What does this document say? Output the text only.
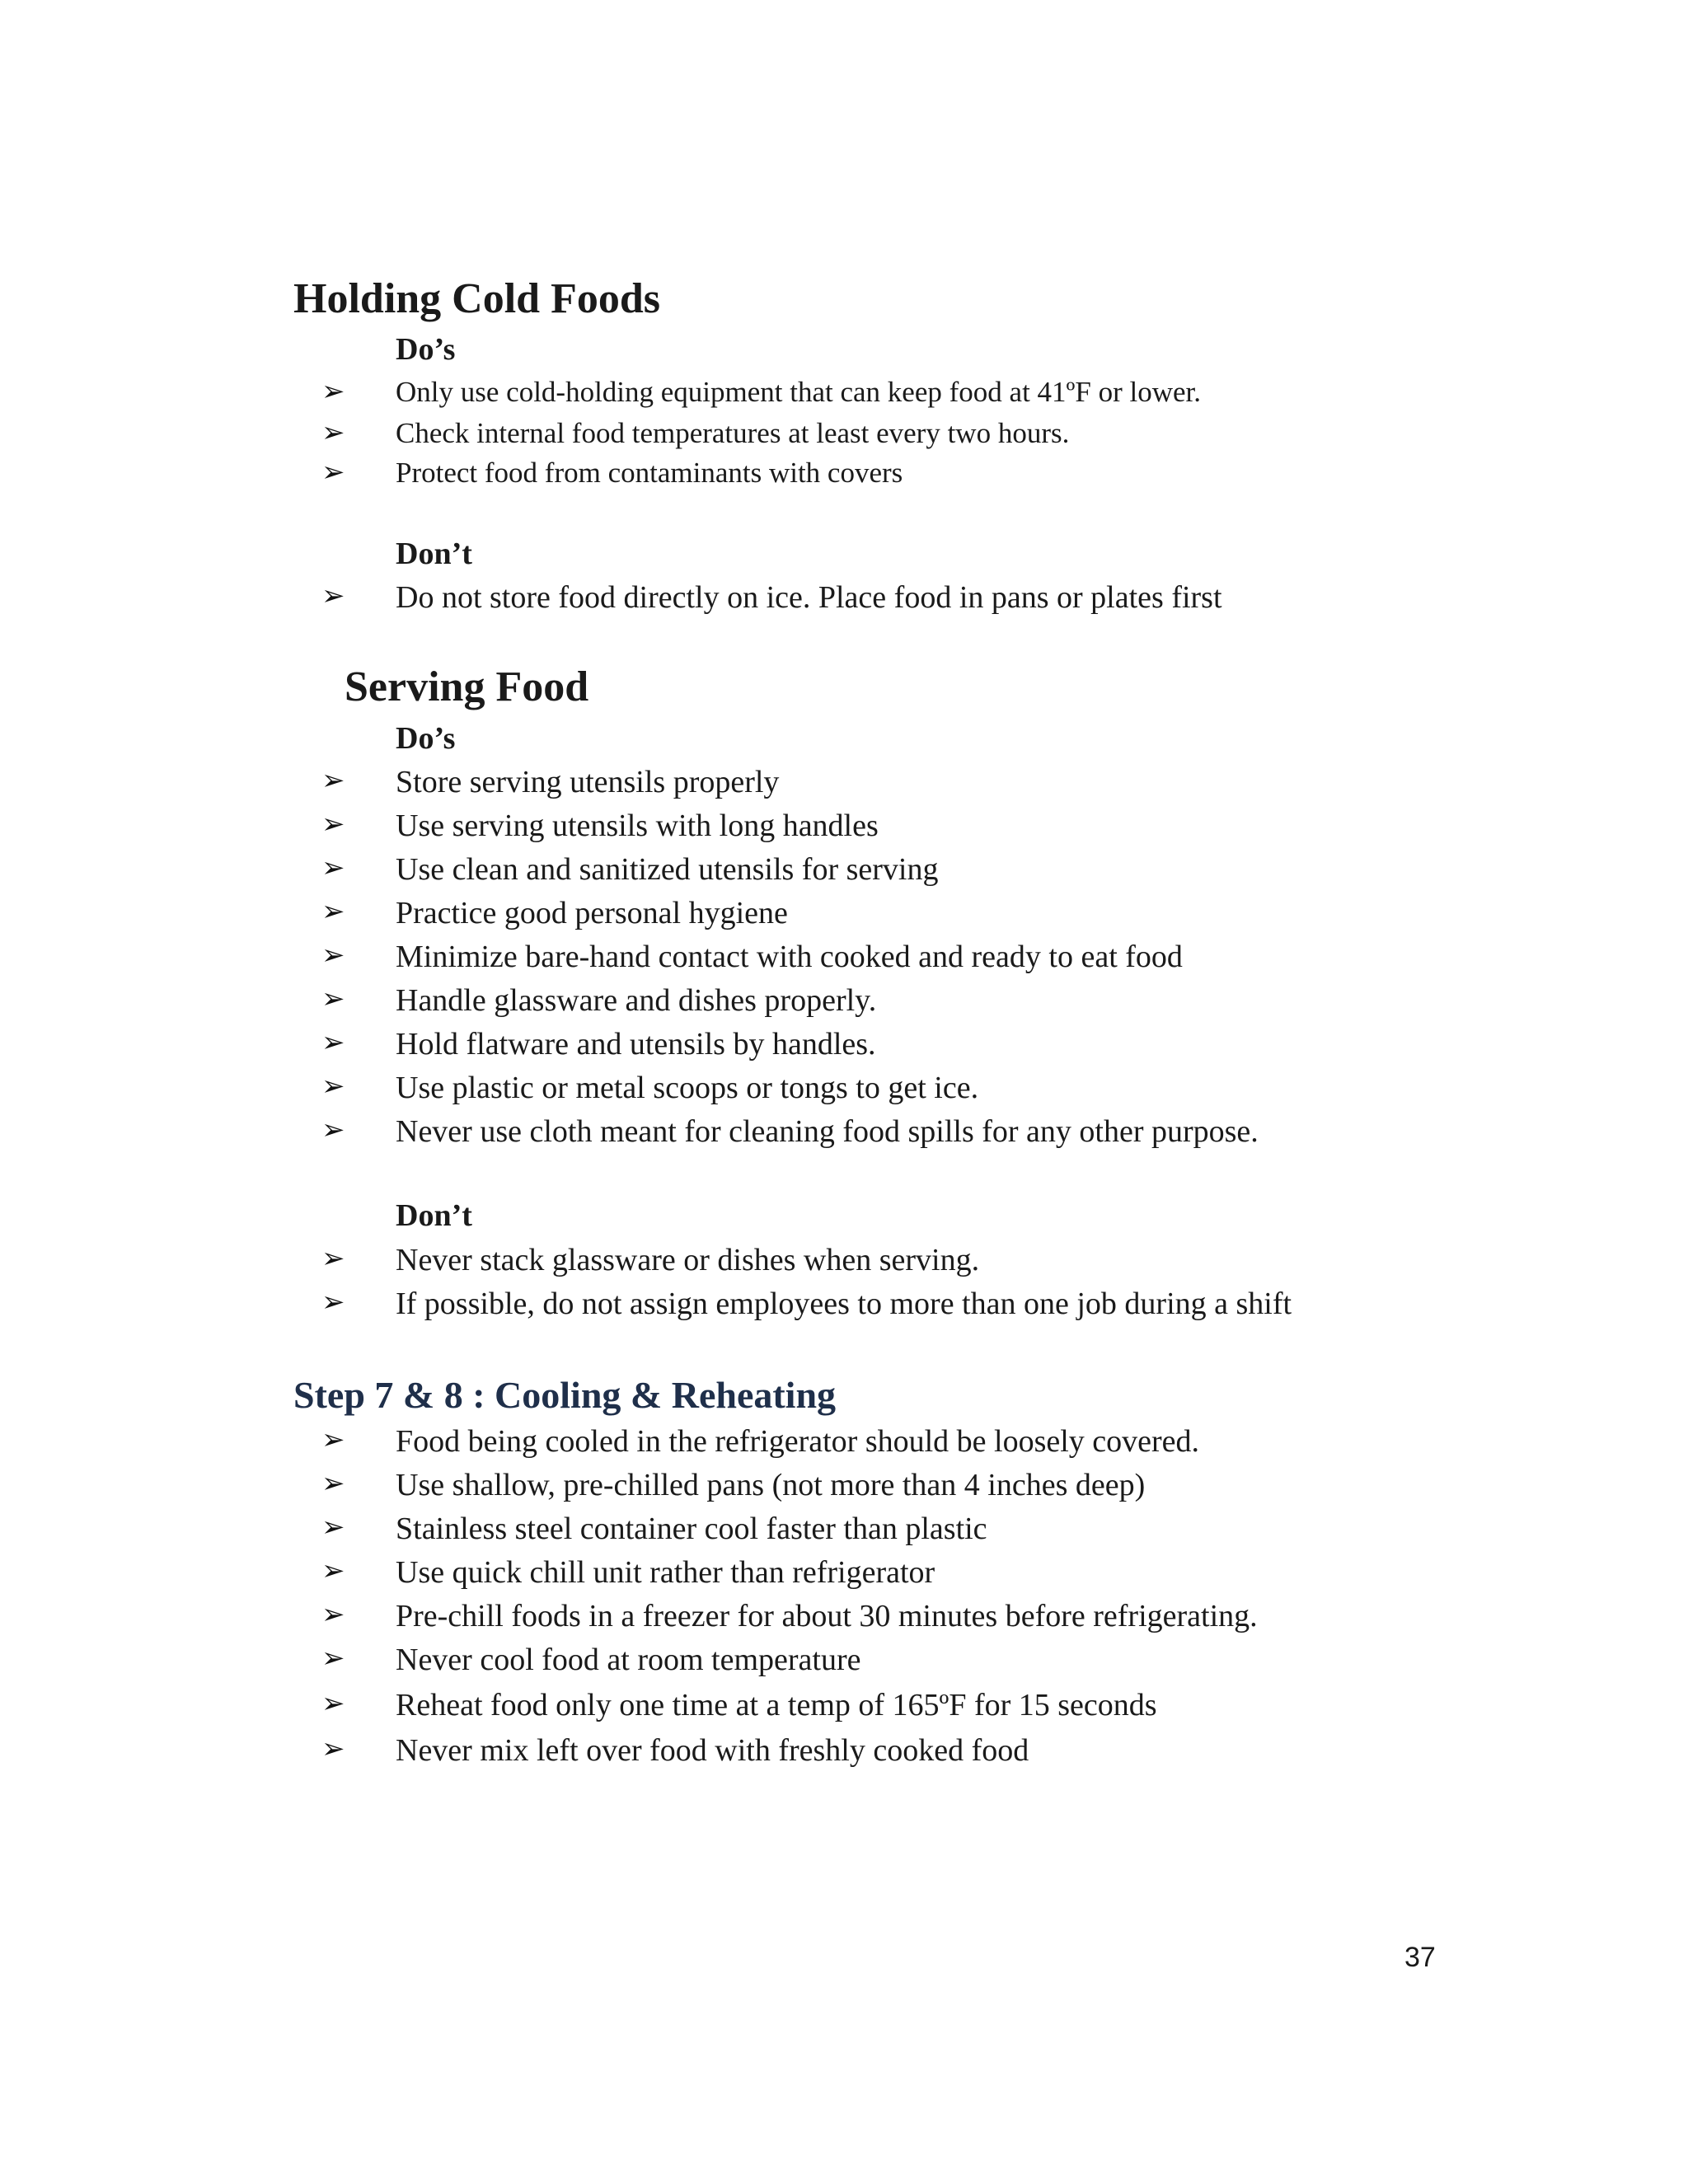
Holding Cold Foods
Do’s
➢ Only use cold-holding equipment that can keep food at 41ºF or lower.
➢ Check internal food temperatures at least every two hours.
➢ Protect food from contaminants with covers
Don’t
➢ Do not store food directly on ice. Place food in pans or plates first
Serving Food
Do’s
➢ Store serving utensils properly
➢ Use serving utensils with long handles
➢ Use clean and sanitized utensils for serving
➢ Practice good personal hygiene
➢ Minimize bare-hand contact with cooked and ready to eat food
➢ Handle glassware and dishes properly.
➢ Hold flatware and utensils by handles.
➢ Use plastic or metal scoops or tongs to get ice.
➢ Never use cloth meant for cleaning food spills for any other purpose.
Don’t
➢ Never stack glassware or dishes when serving.
➢ If possible, do not assign employees to more than one job during a shift
Step 7 & 8 : Cooling & Reheating
➢ Food being cooled in the refrigerator should be loosely covered.
➢ Use shallow, pre-chilled pans (not more than 4 inches deep)
➢ Stainless steel container cool faster than plastic
➢ Use quick chill unit rather than refrigerator
➢ Pre-chill foods in a freezer for about 30 minutes before refrigerating.
➢ Never cool food at room temperature
➢ Reheat food only one time at a temp of 165ºF for 15 seconds
➢ Never mix left over food with freshly cooked food
37
